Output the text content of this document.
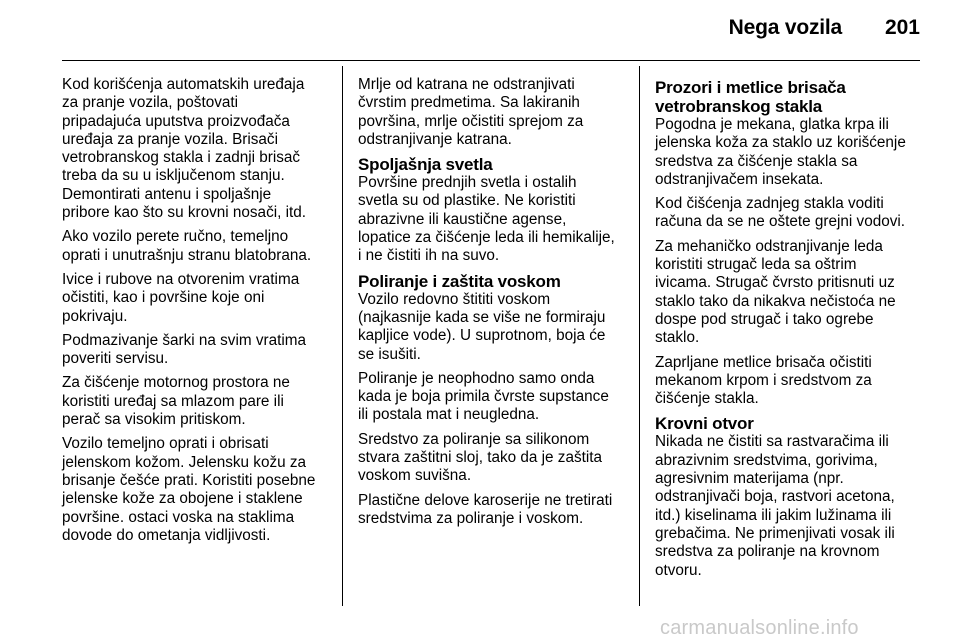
Nega vozila 201

Kod korišćenja automatskih uređaja
za pranje vozila, poštovati
pripadajuća uputstva proizvođača
uređaja za pranje vozila. Brisači
vetrobranskog stakla i zadnji brisač
treba da su u isključenom stanju.
Demontirati antenu i spoljašnje
pribore kao što su krovni nosači, itd.

Ako vozilo perete ručno, temeljno
oprati i unutrašnju stranu blatobrana.

Ivice i rubove na otvorenim vratima
očistiti, kao i površine koje oni
pokrivaju.

Podmazivanje šarki na svim vratima
poveriti servisu.

Za čišćenje motornog prostora ne
koristiti uređaj sa mlazom pare ili
perač sa visokim pritiskom.

Vozilo temeljno oprati i obrisati
jelenskom kožom. Jelensku kožu za
brisanje češće prati. Koristiti posebne
jelenske kože za obojene i staklene
površine. ostaci voska na staklima
dovode do ometanja vidljivosti.

Mrlje od katrana ne odstranjivati
čvrstim predmetima. Sa lakiranih
površina, mrlje očistiti sprejom za
odstranjivanje katrana.

Spoljašnja svetla

Površine prednjih svetla i ostalih
svetla su od plastike. Ne koristiti
abrazivne ili kaustične agense,
lopatice za čišćenje leda ili hemikalije,
i ne čistiti ih na suvo.

Poliranje i zaštita voskom

Vozilo redovno štititi voskom
(najkasnije kada se više ne formiraju
kapljice vode). U suprotnom, boja će
se isušiti.

Poliranje je neophodno samo onda
kada je boja primila čvrste supstance
ili postala mat i neugledna.

Sredstvo za poliranje sa silikonom
stvara zaštitni sloj, tako da je zaštita
voskom suvišna.

Plastične delove karoserije ne tretirati
sredstvima za poliranje i voskom.

Prozori i metlice brisača
vetrobranskog stakla

Pogodna je mekana, glatka krpa ili
jelenska koža za staklo uz korišćenje
sredstva za čišćenje stakla sa
odstranjivačem insekata.

Kod čišćenja zadnjeg stakla voditi
računa da se ne oštete grejni vodovi.

Za mehaničko odstranjivanje leda
koristiti strugač leda sa oštrim
ivicama. Strugač čvrsto pritisnuti uz
staklo tako da nikakva nečistoća ne
dospe pod strugač i tako ogrebe
staklo.

Zaprljane metlice brisača očistiti
mekanom krpom i sredstvom za
čišćenje stakla.

Krovni otvor

Nikada ne čistiti sa rastvaračima ili
abrazivnim sredstvima, gorivima,
agresivnim materijama (npr.
odstranjivači boja, rastvori acetona,
itd.) kiselinama ili jakim lužinama ili
grebačima. Ne primenjivati vosak ili
sredstva za poliranje na krovnom
otvoru.

carmanualsonline.info
